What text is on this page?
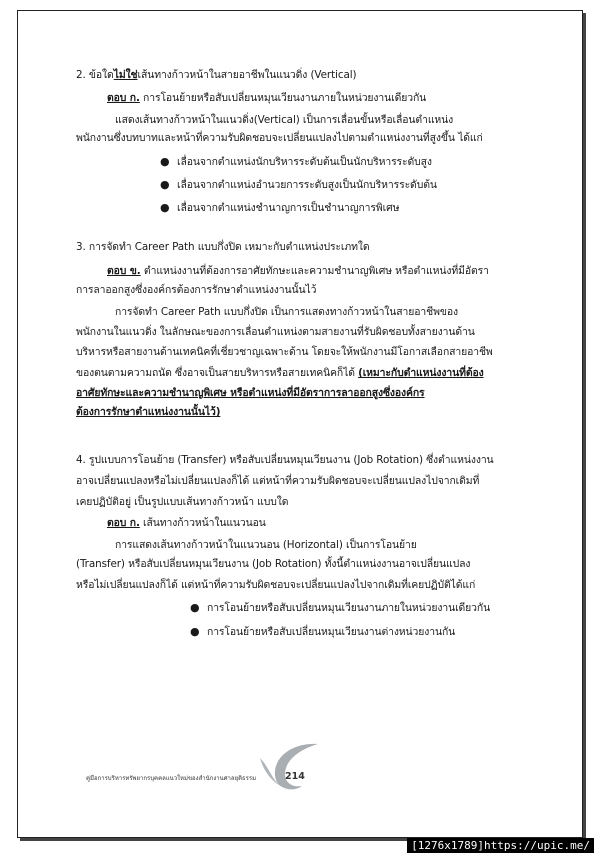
2. ข้อใดไม่ใช่เส้นทางก้าวหน้าในสายอาชีพในแนวดิ่ง (Vertical)
ตอบ ก. การโอนย้ายหรือสับเปลี่ยนหมุนเวียนงานภายในหน่วยงานเดียวกัน
แสดงเส้นทางก้าวหน้าในแนวดิ่ง(Vertical) เป็นการเลื่อนขั้นหรือเลื่อนตำแหน่ง
พนักงานซึ่งบทบาทและหน้าที่ความรับผิดชอบจะเปลี่ยนแปลงไปตามตำแหน่งงานที่สูงขึ้น ได้แก่
● เลื่อนจากตำแหน่งนักบริหารระดับต้นเป็นนักบริหารระดับสูง
● เลื่อนจากตำแหน่งอำนวยการระดับสูงเป็นนักบริหารระดับต้น
● เลื่อนจากตำแหน่งชำนาญการเป็นชำนาญการพิเศษ
3. การจัดทำ Career Path แบบกึ่งปิด เหมาะกับตำแหน่งประเภทใด
ตอบ ข. ตำแหน่งงานที่ต้องการอาศัยทักษะและความชำนาญพิเศษ หรือตำแหน่งที่มีอัตรา
การลาออกสูงซึ่งองค์กรต้องการรักษาตำแหน่งงานนั้นไว้
การจัดทำ Career Path แบบกึ่งปิด เป็นการแสดงทางก้าวหน้าในสายอาชีพของ
พนักงานในแนวดิ่ง ในลักษณะของการเลื่อนตำแหน่งตามสายงานที่รับผิดชอบทั้งสายงานด้าน
บริหารหรือสายงานด้านเทคนิคที่เชี่ยวชาญเฉพาะด้าน โดยจะให้พนักงานมีโอกาสเลือกสายอาชีพ
ของตนตามความถนัด ซึ่งอาจเป็นสายบริหารหรือสายเทคนิคก็ได้ (เหมาะกับตำแหน่งงานที่ต้อง
อาศัยทักษะและความชำนาญพิเศษ หรือตำแหน่งที่มีอัตราการลาออกสูงซึ่งองค์กร
ต้องการรักษาตำแหน่งงานนั้นไว้)
4. รูปแบบการโอนย้าย (Transfer) หรือสับเปลี่ยนหมุนเวียนงาน (Job Rotation) ซึ่งตำแหน่งงาน
อาจเปลี่ยนแปลงหรือไม่เปลี่ยนแปลงก็ได้ แต่หน้าที่ความรับผิดชอบจะเปลี่ยนแปลงไปจากเดิมที่
เคยปฏิบัติอยู่ เป็นรูปแบบเส้นทางก้าวหน้า แบบใด
ตอบ ก. เส้นทางก้าวหน้าในแนวนอน
การแสดงเส้นทางก้าวหน้าในแนวนอน (Horizontal) เป็นการโอนย้าย
(Transfer) หรือสับเปลี่ยนหมุนเวียนงาน (Job Rotation) ทั้งนี้ตำแหน่งงานอาจเปลี่ยนแปลง
หรือไม่เปลี่ยนแปลงก็ได้ แต่หน้าที่ความรับผิดชอบจะเปลี่ยนแปลงไปจากเดิมที่เคยปฏิบัติได้แก่
● การโอนย้ายหรือสับเปลี่ยนหมุนเวียนงานภายในหน่วยงานเดียวกัน
● การโอนย้ายหรือสับเปลี่ยนหมุนเวียนงานต่างหน่วยงานกัน
คู่มือการบริหารทรัพยากรบุคคลแนวใหม่ของสำนักงานศาลยุติธรรม	214
[1276x1789]https://upic.me/
